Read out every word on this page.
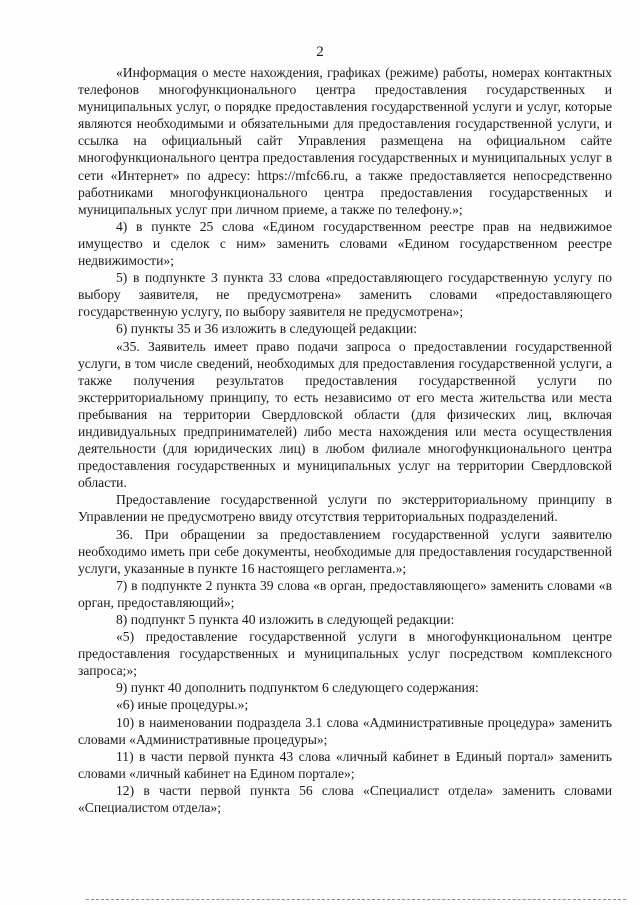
2

«Информация о месте нахождения, графиках (режиме) работы, номерах контактных телефонов многофункционального центра предоставления государственных и муниципальных услуг, о порядке предоставления государственной услуги и услуг, которые являются необходимыми и обязательными для предоставления государственной услуги, и ссылка на официальный сайт Управления размещена на официальном сайте многофункционального центра предоставления государственных и муниципальных услуг в сети «Интернет» по адресу: https://mfc66.ru, а также предоставляется непосредственно работниками многофункционального центра предоставления государственных и муниципальных услуг при личном приеме, а также по телефону.»;

4) в пункте 25 слова «Едином государственном реестре прав на недвижимое имущество и сделок с ним» заменить словами «Едином государственном реестре недвижимости»;

5) в подпункте 3 пункта 33 слова «предоставляющего государственную услугу по выбору заявителя, не предусмотрена» заменить словами «предоставляющего государственную услугу, по выбору заявителя не предусмотрена»;

6) пункты 35 и 36 изложить в следующей редакции:

«35. Заявитель имеет право подачи запроса о предоставлении государственной услуги, в том числе сведений, необходимых для предоставления государственной услуги, а также получения результатов предоставления государственной услуги по экстерриториальному принципу, то есть независимо от его места жительства или места пребывания на территории Свердловской области (для физических лиц, включая индивидуальных предпринимателей) либо места нахождения или места осуществления деятельности (для юридических лиц) в любом филиале многофункционального центра предоставления государственных и муниципальных услуг на территории Свердловской области.

Предоставление государственной услуги по экстерриториальному принципу в Управлении не предусмотрено ввиду отсутствия территориальных подразделений.

36. При обращении за предоставлением государственной услуги заявителю необходимо иметь при себе документы, необходимые для предоставления государственной услуги, указанные в пункте 16 настоящего регламента.»;

7) в подпункте 2 пункта 39 слова «в орган, предоставляющего» заменить словами «в орган, предоставляющий»;

8) подпункт 5 пункта 40 изложить в следующей редакции:

«5) предоставление государственной услуги в многофункциональном центре предоставления государственных и муниципальных услуг посредством комплексного запроса;»;

9) пункт 40 дополнить подпунктом 6 следующего содержания:

«6) иные процедуры.»;

10) в наименовании подраздела 3.1 слова «Административные процедура» заменить словами «Административные процедуры»;

11) в части первой пункта 43 слова «личный кабинет в Единый портал» заменить словами «личный кабинет на Едином портале»;

12) в части первой пункта 56 слова «Специалист отдела» заменить словами «Специалистом отдела»;
